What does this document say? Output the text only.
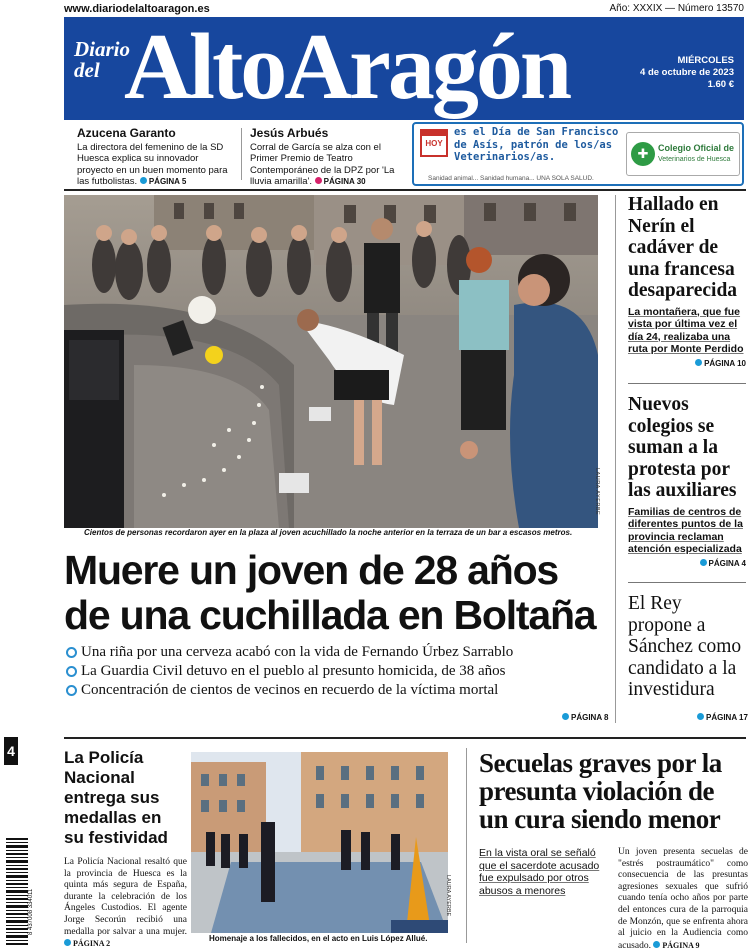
www.diariodelaltoaragon.es	Año: XXXIX — Número 13570
Diario
del AltoAragón	MIÉRCOLES
4 de octubre de 2023
1.60 €
Azucena Garanto
La directora del femenino de la SD Huesca explica su innovador proyecto en un buen momento para las futbolistas. PÁGINA 5
Jesús Arbués
Corral de García se alza con el Primer Premio de Teatro Contemporáneo de la DPZ por 'La lluvia amarilla'. PÁGINA 30
HOY
es el Día de San Francisco de Asís, patrón de los/as Veterinarios/as.
Sanidad animal... Sanidad humana... UNA SOLA SALUD.
✚	Colegio Oficial de
Veterinarios de Huesca
LAURA AYERBE
Cientos de personas recordaron ayer en la plaza al joven acuchillado la noche anterior en la terraza de un bar a escasos metros.
Muere un joven de 28 años
de una cuchillada en Boltaña
Una riña por una cerveza acabó con la vida de Fernando Úrbez Sarrablo
La Guardia Civil detuvo en el pueblo al presunto homicida, de 38 años
Concentración de cientos de vecinos en recuerdo de la víctima mortal
PÁGINA 8
Hallado en Nerín el cadáver de una francesa desaparecida
La montañera, que fue vista por última vez el día 24, realizaba una ruta por Monte Perdido
PÁGINA 10
Nuevos colegios se suman a la protesta por las auxiliares
Familias de centros de diferentes puntos de la provincia reclaman atención especializada
PÁGINA 4
El Rey propone a Sánchez como candidato a la investidura
PÁGINA 17
4
8 437008 334011
La Policía Nacional entrega sus medallas en su festividad
La Policía Nacional resaltó que la provincia de Huesca es la quinta más segura de España, durante la celebración de los Ángeles Custodios. El agente Jorge Secorún recibió una medalla por salvar a una mujer. PÁGINA 2
LAURA AYERBE
Homenaje a los fallecidos, en el acto en Luis López Allué.
Secuelas graves por la presunta violación de un cura siendo menor
En la vista oral se señaló que el sacerdote acusado fue expulsado por otros abusos a menores
Un joven presenta secuelas de "estrés postraumático" como consecuencia de las presuntas agresiones sexuales que sufrió cuando tenía ocho años por parte del entonces cura de la parroquia de Monzón, que se enfrenta ahora al juicio en la Audiencia como acusado. PÁGINA 9
